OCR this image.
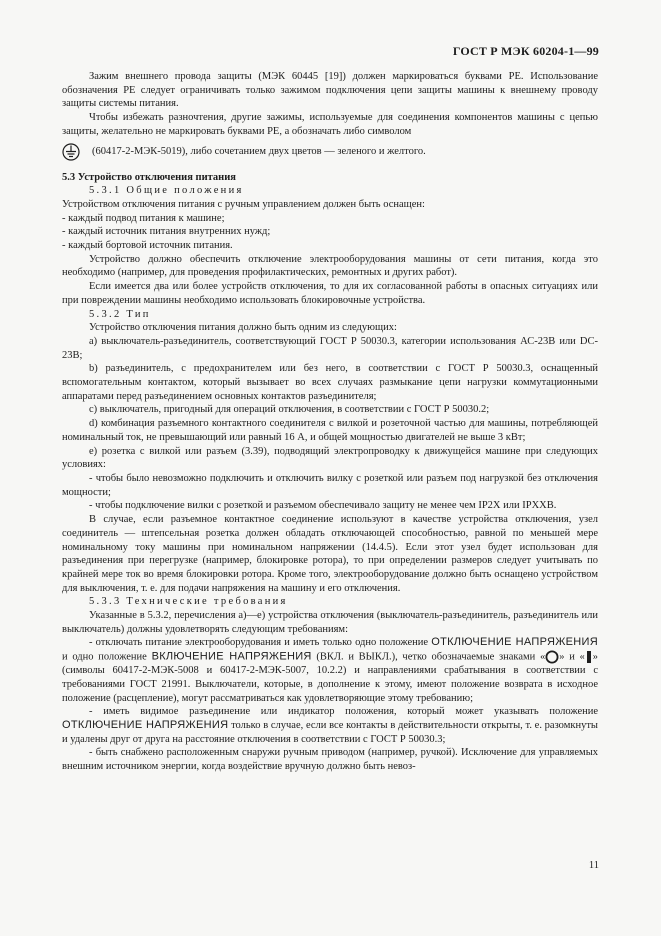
ГОСТ Р МЭК 60204-1—99

Зажим внешнего провода защиты (МЭК 60445 [19]) должен маркироваться буквами PE. Использование обозначения PE следует ограничивать только зажимом подключения цепи защиты машины к внешнему проводу защиты системы питания.

Чтобы избежать разночтения, другие зажимы, используемые для соединения компонентов машины с цепью защиты, желательно не маркировать буквами PE, а обозначать либо символом

(60417-2-МЭК-5019), либо сочетанием двух цветов — зеленого и желтого.

5.3 Устройство отключения питания

5.3.1 Общие положения

Устройством отключения питания с ручным управлением должен быть оснащен:

- каждый подвод питания к машине;

- каждый источник питания внутренних нужд;

- каждый бортовой источник питания.

Устройство должно обеспечить отключение электрооборудования машины от сети питания, когда это необходимо (например, для проведения профилактических, ремонтных и других работ).

Если имеется два или более устройств отключения, то для их согласованной работы в опасных ситуациях или при повреждении машины необходимо использовать блокировочные устройства.

5.3.2 Тип

Устройство отключения питания должно быть одним из следующих:

а) выключатель-разъединитель, соответствующий ГОСТ Р 50030.3, категории использования АС-23В или DC-23B;

b) разъединитель, с предохранителем или без него, в соответствии с ГОСТ Р 50030.3, оснащенный вспомогательным контактом, который вызывает во всех случаях размыкание цепи нагрузки коммутационными аппаратами перед разъединением основных контактов разъединителя;

с) выключатель, пригодный для операций отключения, в соответствии с ГОСТ Р 50030.2;

d) комбинация разъемного контактного соединителя с вилкой и розеточной частью для машины, потребляющей номинальный ток, не превышающий или равный 16 А, и общей мощностью двигателей не выше 3 кВт;

е) розетка с вилкой или разъем (3.39), подводящий электропроводку к движущейся машине при следующих условиях:

- чтобы было невозможно подключить и отключить вилку с розеткой или разъем под нагрузкой без отключения мощности;

- чтобы подключение вилки с розеткой и разъемом обеспечивало защиту не менее чем IP2X или IPXXB.

В случае, если разъемное контактное соединение используют в качестве устройства отключения, узел соединитель — штепсельная розетка должен обладать отключающей способностью, равной по меньшей мере номинальному току машины при номинальном напряжении (14.4.5). Если этот узел будет использован для разъединения при перегрузке (например, блокировке ротора), то при определении размеров следует учитывать по крайней мере ток во время блокировки ротора. Кроме того, электрооборудование должно быть оснащено устройством для выключения, т. е. для подачи напряжения на машину и его отключения.

5.3.3 Технические требования

Указанные в 5.3.2, перечисления а)—е) устройства отключения (выключатель-разъединитель, разъединитель или выключатель) должны удовлетворять следующим требованиям:

- отключать питание электрооборудования и иметь только одно положение ОТКЛЮЧЕНИЕ НАПРЯЖЕНИЯ и одно положение ВКЛЮЧЕНИЕ НАПРЯЖЕНИЯ (ВКЛ. и ВЫКЛ.), четко обозначаемые знаками « » и « » (символы 60417-2-МЭК-5008 и 60417-2-МЭК-5007, 10.2.2) и направлениями срабатывания в соответствии с требованиями ГОСТ 21991. Выключатели, которые, в дополнение к этому, имеют положение возврата в исходное положение (расцепление), могут рассматриваться как удовлетворяющие этому требованию;

- иметь видимое разъединение или индикатор положения, который может указывать положение ОТКЛЮЧЕНИЕ НАПРЯЖЕНИЯ только в случае, если все контакты в действительности открыты, т. е. разомкнуты и удалены друг от друга на расстояние отключения в соответствии с ГОСТ Р 50030.3;

- быть снабжено расположенным снаружи ручным приводом (например, ручкой). Исключение для управляемых внешним источником энергии, когда воздействие вручную должно быть невоз-

11
